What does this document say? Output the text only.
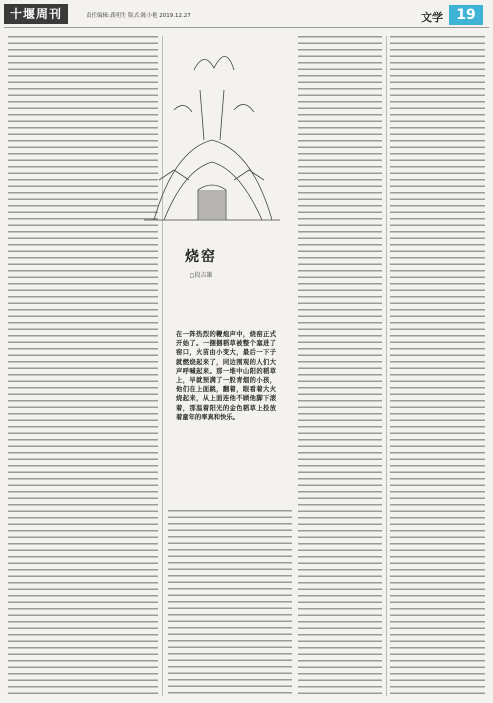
十堰周刊	责任编辑:龚明生 版式:陈小艳 2019.12.27	文学 19
烧窑
◻段吉雄
在一阵热烈的鞭炮声中，烧窑正式开始了。一捆捆稻草被整个塞进了窑口，火苗由小变大，最后一下子就燃烧起来了，同边围观的人们大声呼喊起来。那一堆中山阳的稻草上，早就预满了一股青烟的小孩，他们在上面跳，翻着，眼看着大火烧起来，从上面连他不顾他脚下滚着，那温着阳光的金色稻草上投放着童年的率真和快乐。
